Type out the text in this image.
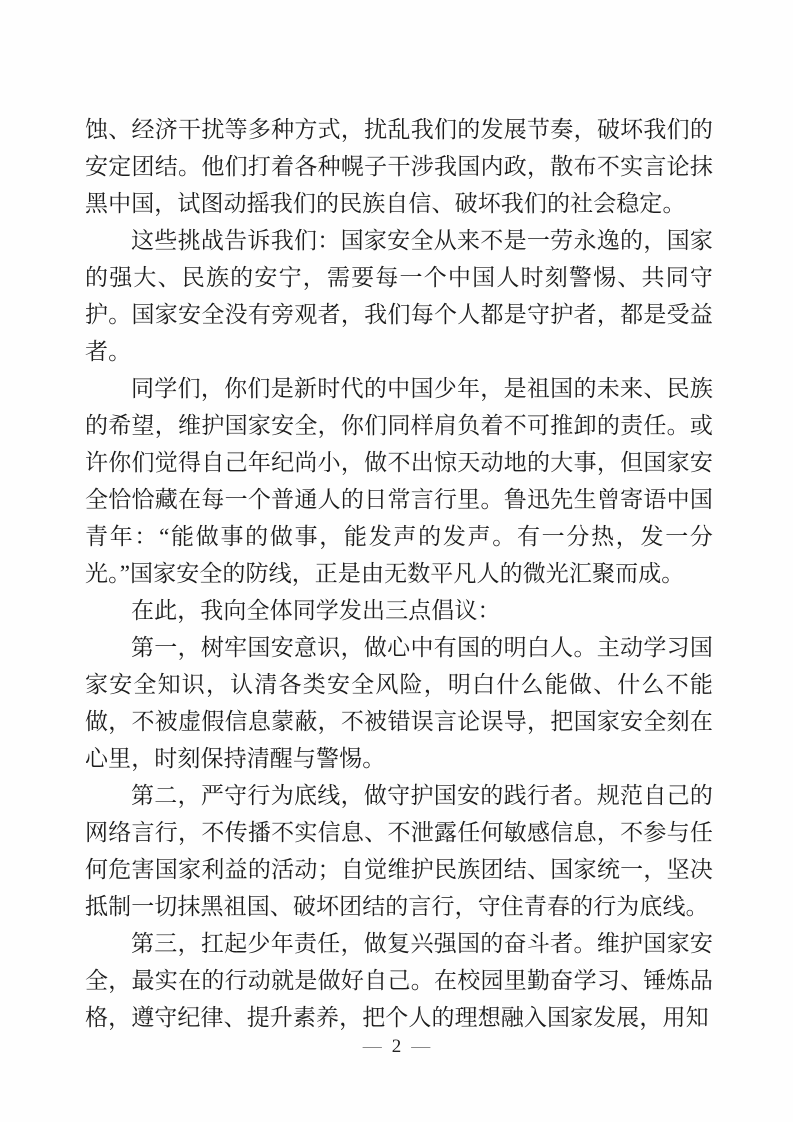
蚀、经济干扰等多种方式，扰乱我们的发展节奏，破坏我们的安定团结。他们打着各种幌子干涉我国内政，散布不实言论抹黑中国，试图动摇我们的民族自信、破坏我们的社会稳定。

这些挑战告诉我们：国家安全从来不是一劳永逸的，国家的强大、民族的安宁，需要每一个中国人时刻警惕、共同守护。国家安全没有旁观者，我们每个人都是守护者，都是受益者。

同学们，你们是新时代的中国少年，是祖国的未来、民族的希望，维护国家安全，你们同样肩负着不可推卸的责任。或许你们觉得自己年纪尚小，做不出惊天动地的大事，但国家安全恰恰藏在每一个普通人的日常言行里。鲁迅先生曾寄语中国青年：“能做事的做事，能发声的发声。有一分热，发一分光。”国家安全的防线，正是由无数平凡人的微光汇聚而成。

在此，我向全体同学发出三点倡议：

第一，树牢国安意识，做心中有国的明白人。主动学习国家安全知识，认清各类安全风险，明白什么能做、什么不能做，不被虚假信息蒙蔽，不被错误言论误导，把国家安全刻在心里，时刻保持清醒与警惕。

第二，严守行为底线，做守护国安的践行者。规范自己的网络言行，不传播不实信息、不泄露任何敏感信息，不参与任何危害国家利益的活动；自觉维护民族团结、国家统一，坚决抵制一切抹黑祖国、破坏团结的言行，守住青春的行为底线。

第三，扛起少年责任，做复兴强国的奋斗者。维护国家安全，最实在的行动就是做好自己。在校园里勤奋学习、锤炼品格，遵守纪律、提升素养，把个人的理想融入国家发展，用知

— 2 —
